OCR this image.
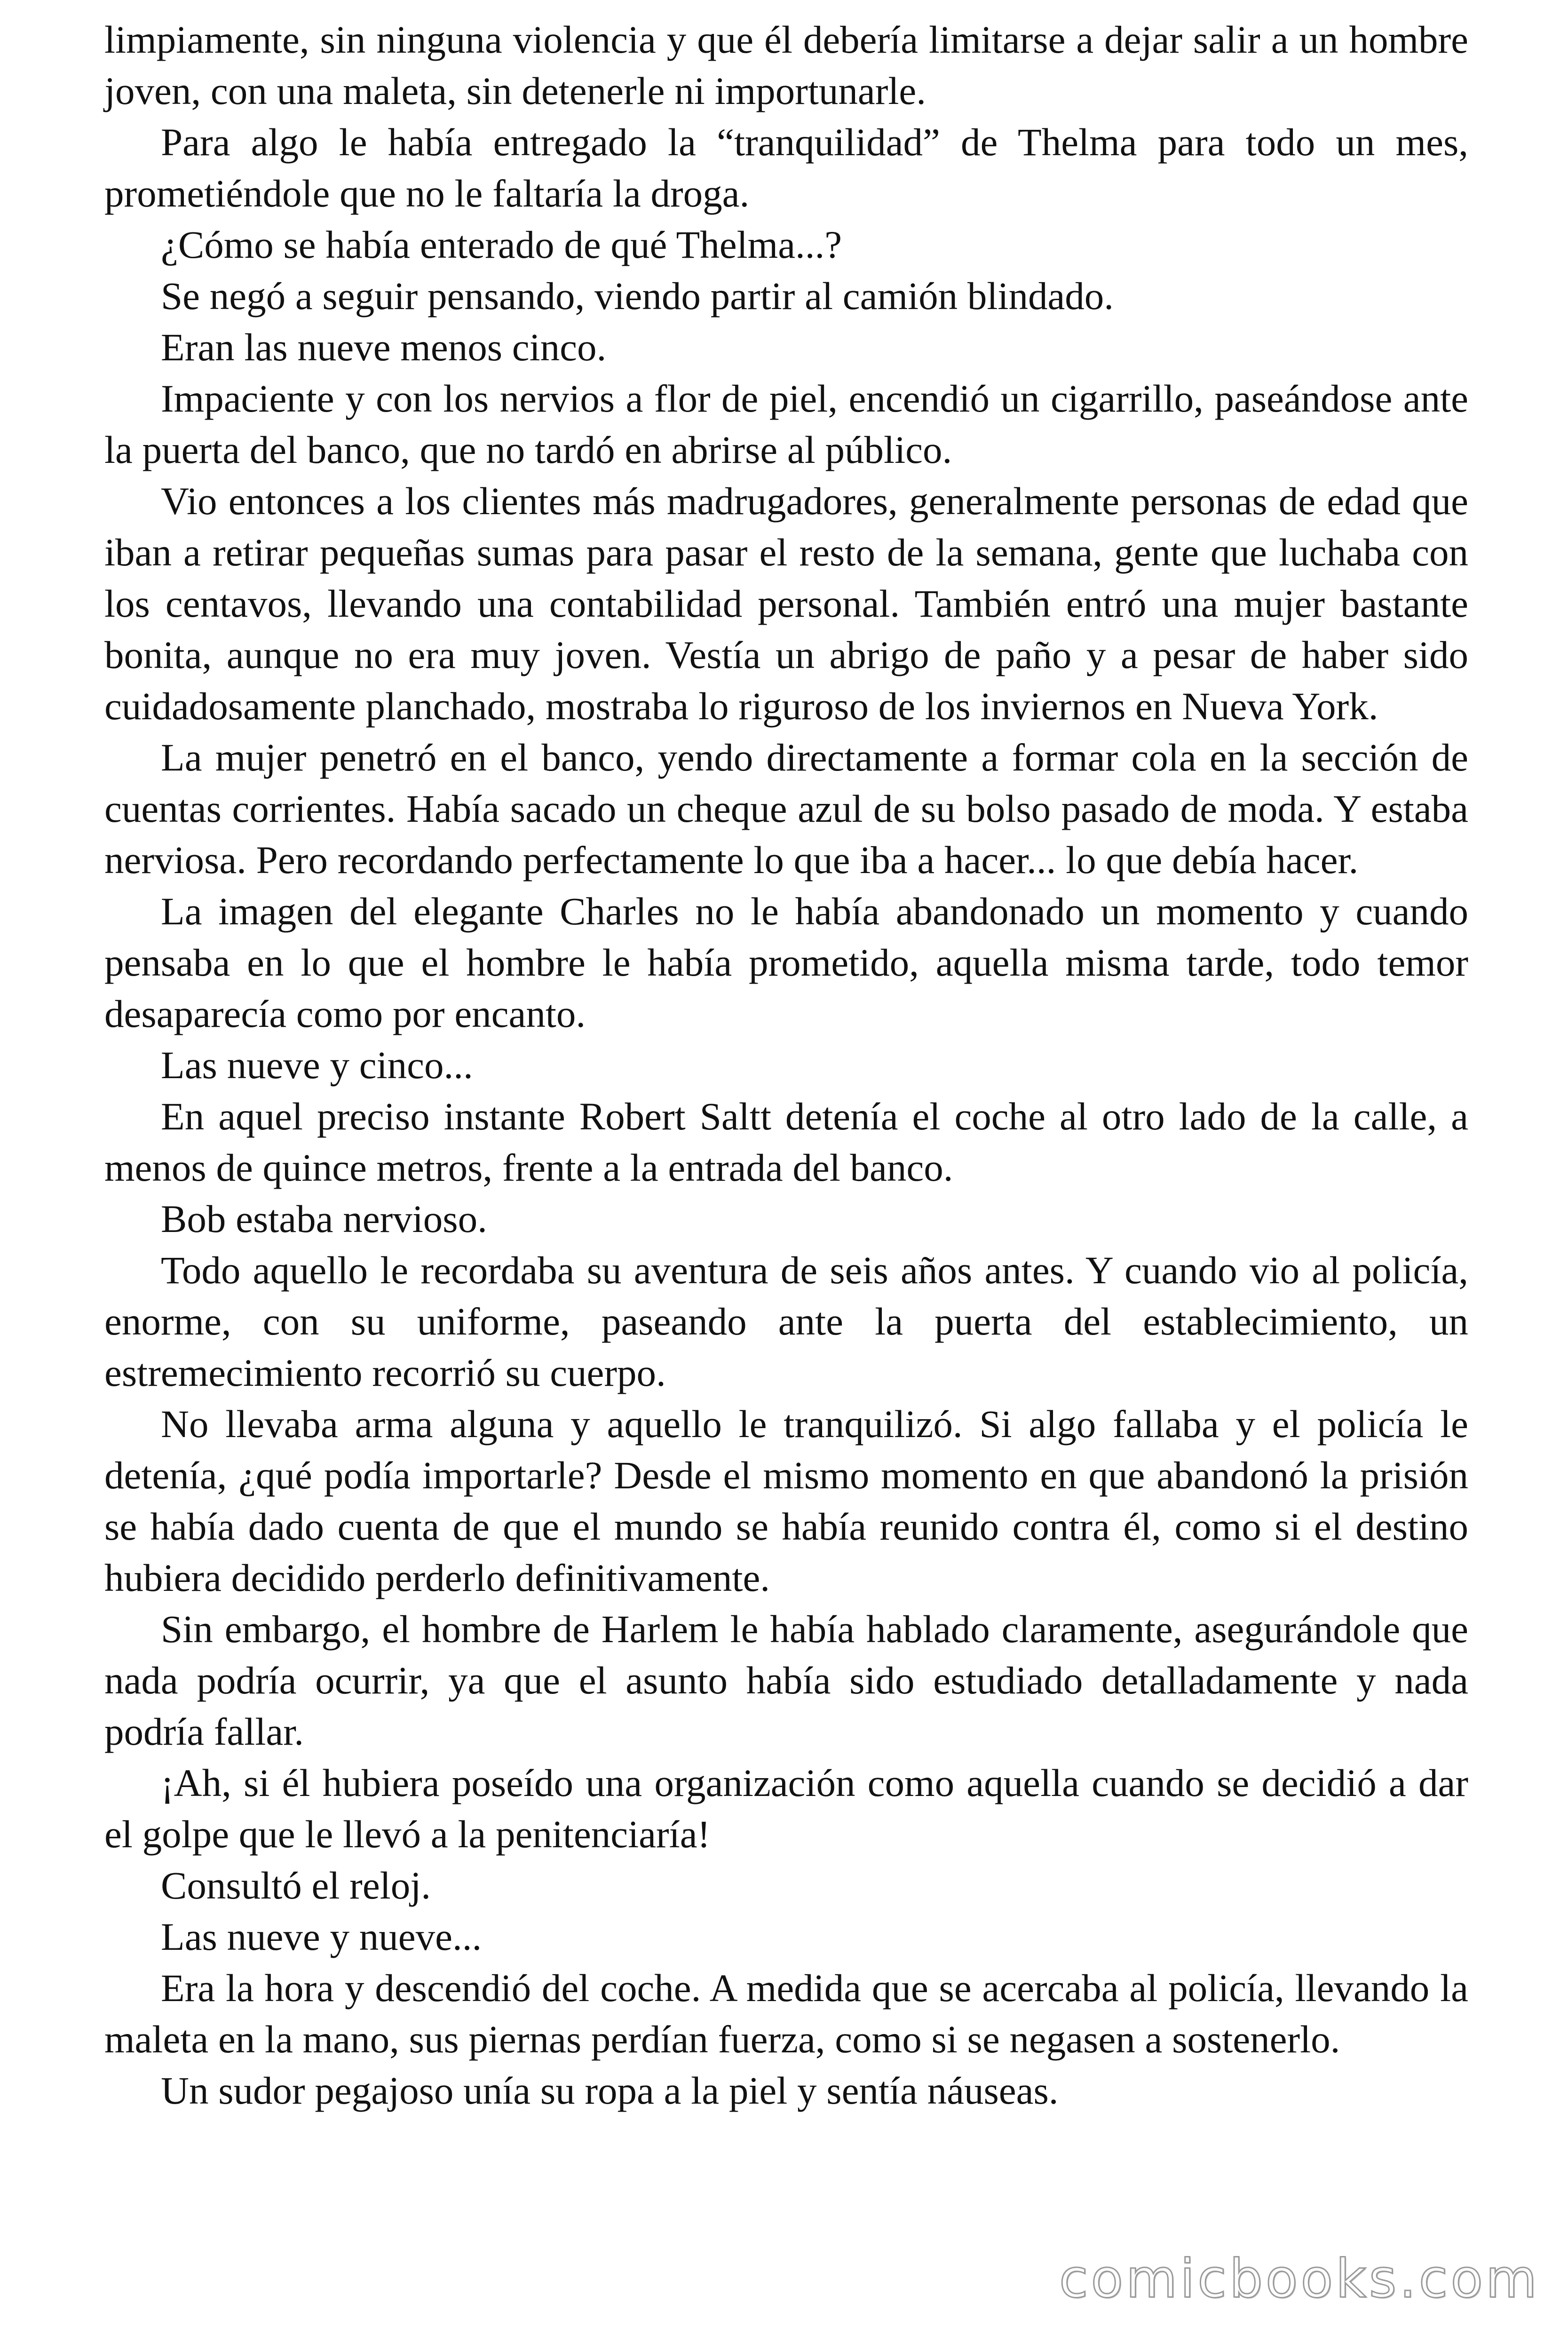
limpiamente, sin ninguna violencia y que él debería limitarse a dejar salir a un hombre joven, con una maleta, sin detenerle ni importunarle.

Para algo le había entregado la “tranquilidad” de Thelma para todo un mes, prometiéndole que no le faltaría la droga.

¿Cómo se había enterado de qué Thelma...?

Se negó a seguir pensando, viendo partir al camión blindado.

Eran las nueve menos cinco.

Impaciente y con los nervios a flor de piel, encendió un cigarrillo, paseándose ante la puerta del banco, que no tardó en abrirse al público.

Vio entonces a los clientes más madrugadores, generalmente personas de edad que iban a retirar pequeñas sumas para pasar el resto de la semana, gente que luchaba con los centavos, llevando una contabilidad personal. También entró una mujer bastante bonita, aunque no era muy joven. Vestía un abrigo de paño y a pesar de haber sido cuidadosamente planchado, mostraba lo riguroso de los inviernos en Nueva York.

La mujer penetró en el banco, yendo directamente a formar cola en la sección de cuentas corrientes. Había sacado un cheque azul de su bolso pasado de moda. Y estaba nerviosa. Pero recordando perfectamente lo que iba a hacer... lo que debía hacer.

La imagen del elegante Charles no le había abandonado un momento y cuando pensaba en lo que el hombre le había prometido, aquella misma tarde, todo temor desaparecía como por encanto.

Las nueve y cinco...

En aquel preciso instante Robert Saltt detenía el coche al otro lado de la calle, a menos de quince metros, frente a la entrada del banco.

Bob estaba nervioso.

Todo aquello le recordaba su aventura de seis años antes. Y cuando vio al policía, enorme, con su uniforme, paseando ante la puerta del establecimiento, un estremecimiento recorrió su cuerpo.

No llevaba arma alguna y aquello le tranquilizó. Si algo fallaba y el policía le detenía, ¿qué podía importarle? Desde el mismo momento en que abandonó la prisión se había dado cuenta de que el mundo se había reunido contra él, como si el destino hubiera decidido perderlo definitivamente.

Sin embargo, el hombre de Harlem le había hablado claramente, asegurándole que nada podría ocurrir, ya que el asunto había sido estudiado detalladamente y nada podría fallar.

¡Ah, si él hubiera poseído una organización como aquella cuando se decidió a dar el golpe que le llevó a la penitenciaría!

Consultó el reloj.

Las nueve y nueve...

Era la hora y descendió del coche. A medida que se acercaba al policía, llevando la maleta en la mano, sus piernas perdían fuerza, como si se negasen a sostenerlo.

Un sudor pegajoso unía su ropa a la piel y sentía náuseas.

comicbooks.com
